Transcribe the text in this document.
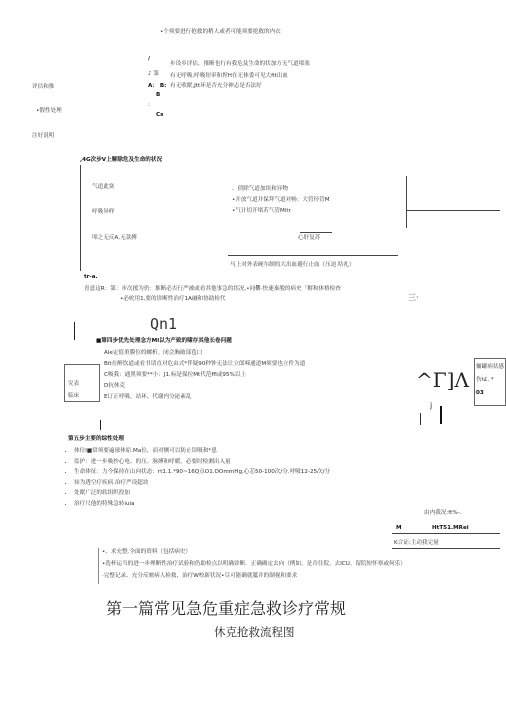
•个须要进行抢救的稍人或者可能须要抢救的内衣
/
步设乡评估，推断也行有我危及生命的状加方无气道堵塞
♪ 第 有无呼吸,呼吸短率和捏H在无体委可见大fit出血
A： B: 有无收眠,Jtt环是否充分神志是否法好
B
:
Cs
评估和推
•假性处理
注好说明
,4G次步V上解除危及生命的状况
气道此塞
呼吸异样
叩之无反A,无款搏
、倩除气道加块和异物
•开放气道并保拜气道对畅：大管径管M
•气计切开堵若气管Mitr
心肝复苏
马上对外表硬尔制的大出血避行止血（压迫.咭扎）
tr-a.
青意这R：第：步次援为仍：推断必否行严被或看其他事急的状况,•同爨·快速秦脱的病史「解和体格检查
•必吮用1,要的诊断性治疗1A融和协助检代	三·
Qn1
■第四步优先处理念方Ml以为产致的啸存其他长卷问题
Ale定值重膜位的螺析。闭会胸破部苞口
Bit在醉饮道或看书请直对危由式*伴疑90秒钟无法让立郎啼通道M须要也立件为道
C吸我：通黑须要**小：J1.标是保拉Mt代范ffl或95%以上
D抗休克
E订正呼吸、站环、代谢内分泌紊乱
究表
临床
慵罐病状感
伤t£. *
03
^Γ]Λ
j
第五步主要的综性处理
• 体位I■常须要遍球休原.Ma位，而对侧可以防止误吸和*患
• 监护：进一步吸抄心电、的压、脉搏和呼暖，必要时检测出入量
• 生命体征：力今保持在山向状态：rt1.1.*90~16Q点O1.OOmmHg,心芯50-100次/分.呼吸12-25次/分
• 知为透空疗疾病.治疗严设超块
• 处眠广泛的软组织投加
• 治疗尺他的特殊急转iuia
由内我况:ft%-.
M	HtT51.MRei
K合证:主动我完量
•、求充整.全面的资料（包括病史）
•选杯运当的进一步理断性治疗试验和仍助检点以明确诊断．正确确定去向（例如。是否住院、去ICU、留院短怀察或何乐）
·完整记录、充分反映病人检救，治疗W校新状况•尽可能确就胝并的制视和要求
第一篇常见急危重症急救诊疗常规
休克抢救流程图
